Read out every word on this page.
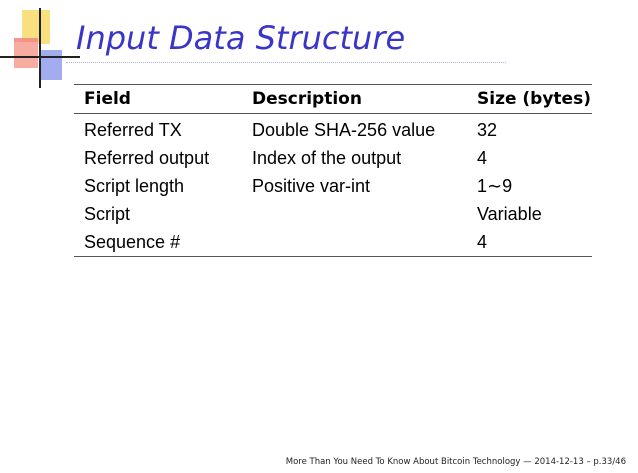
Input Data Structure
Field	Description	Size (bytes)
Referred TX	Double SHA-256 value	32
Referred output	Index of the output	4
Script length	Positive var-int	1∼9
Script		Variable
Sequence #		4
More Than You Need To Know About Bitcoin Technology — 2014-12-13 – p.33/46
